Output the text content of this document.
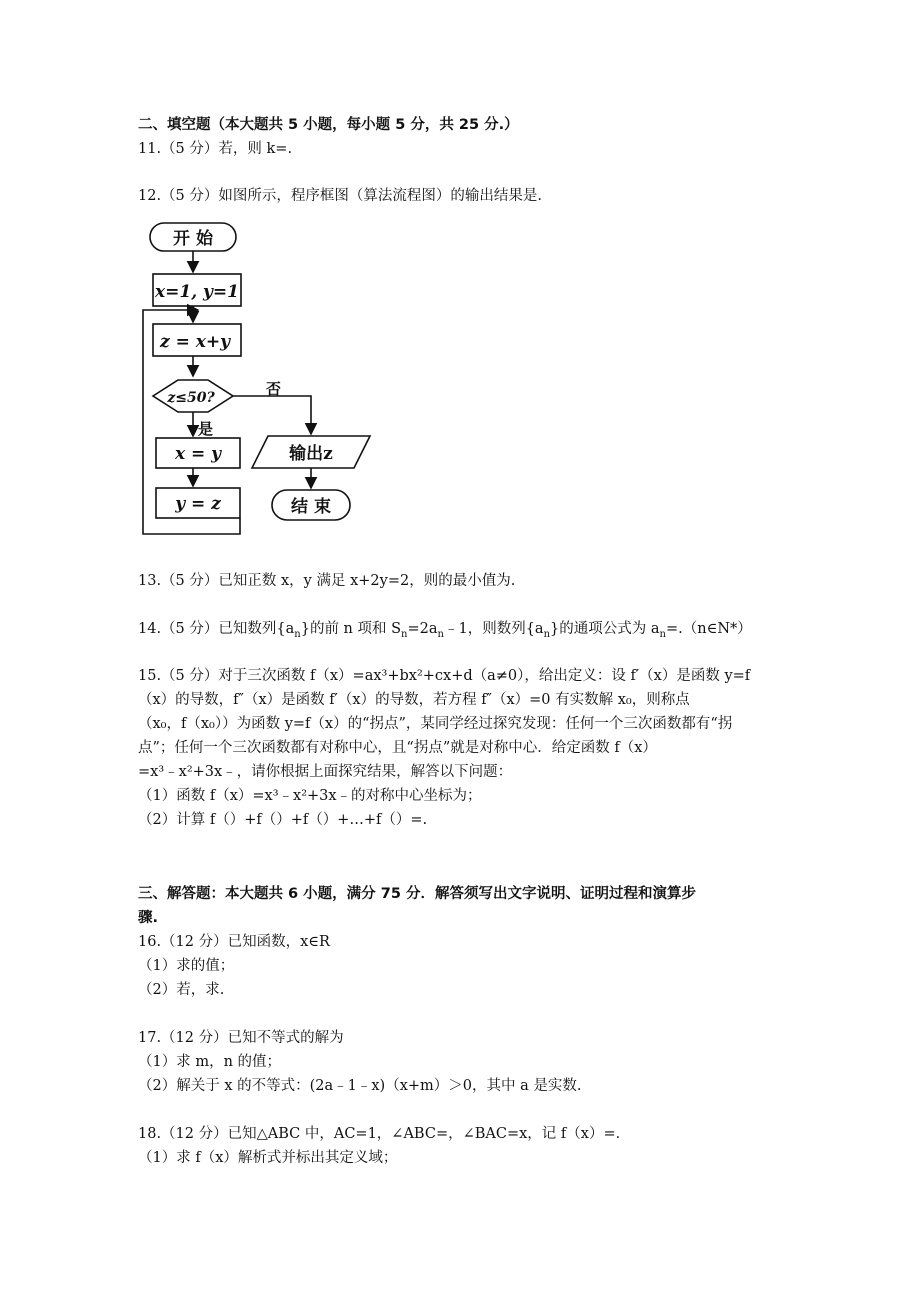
二、填空题（本大题共 5 小题，每小题 5 分，共 25 分.）
11.（5 分）若，则 k=.
12.（5 分）如图所示，程序框图（算法流程图）的输出结果是.
开 始
x=1, y=1
z = x+y
z≤50?	否
是
x = y
y = z
输出z
结 束
13.（5 分）已知正数 x，y 满足 x+2y=2，则的最小值为.
14.（5 分）已知数列$\{a_n\}$的前 n 项和 $S_n=2a_n﹣1$，则数列$\{a_n\}$的通项公式为 $a_n=.(n\in N*)$
15.（5 分）对于三次函数 f（x）=ax³+bx²+cx+d（a≠0），给出定义：设 f′（x）是函数 y=f
（x）的导数，f″（x）是函数 f′（x）的导数，若方程 f″（x）=0 有实数解 x₀，则称点
（x₀，f（x₀））为函数 y=f（x）的“拐点”，某同学经过探究发现：任何一个三次函数都有“拐
点”；任何一个三次函数都有对称中心，且“拐点”就是对称中心．给定函数 f（x）
=x³﹣x²+3x﹣，请你根据上面探究结果，解答以下问题：
（1）函数 f（x）=x³﹣x²+3x﹣的对称中心坐标为；
（2）计算 f（）+f（）+f（）+…+f（）=.
三、解答题：本大题共 6 小题，满分 75 分．解答须写出文字说明、证明过程和演算步
骤.
16.（12 分）已知函数，x∈R
（1）求的值；
（2）若，求.
17.（12 分）已知不等式的解为
（1）求 m，n 的值；
（2）解关于 x 的不等式：(2a﹣1﹣x)（x+m）＞0，其中 a 是实数.
18.（12 分）已知△ABC 中，AC=1，∠ABC=，∠BAC=x，记 f（x）=．
（1）求 f（x）解析式并标出其定义域；
